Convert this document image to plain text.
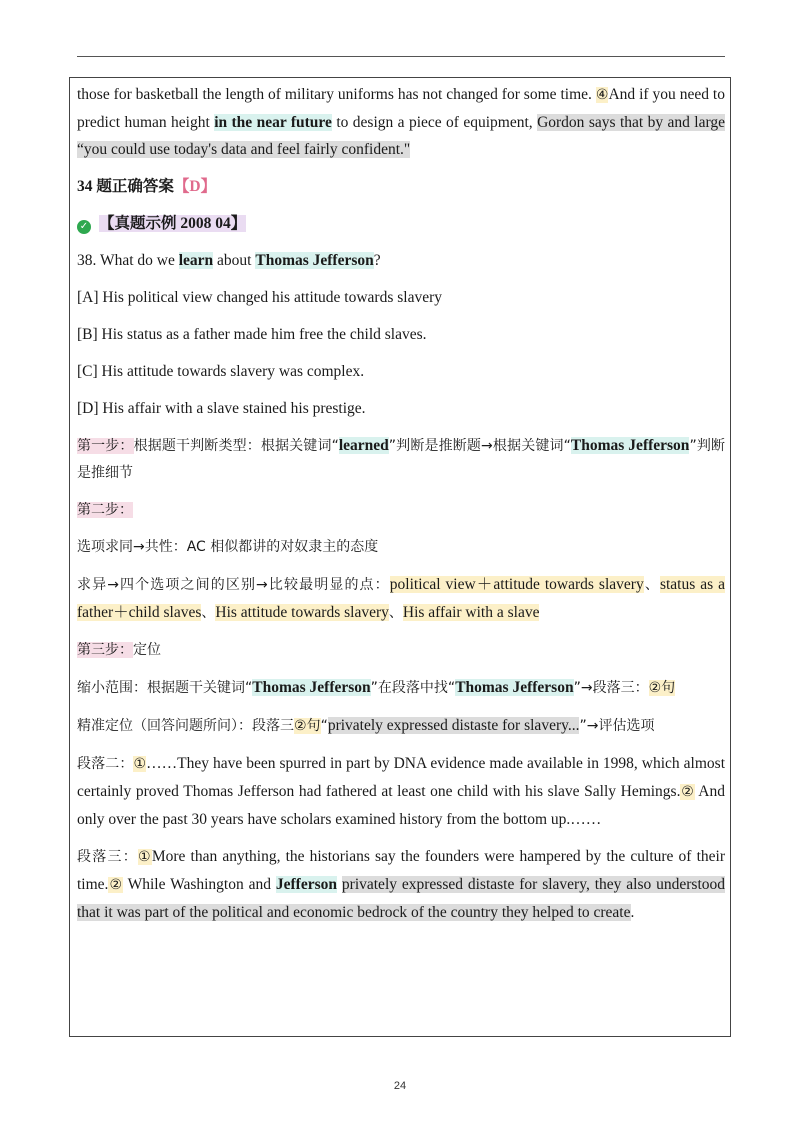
those for basketball the length of military uniforms has not changed for some time. ④And if you need to predict human height in the near future to design a piece of equipment, Gordon says that by and large “you could use today's data and feel fairly confident."

34 题正确答案【D】

✓ 【真题示例 2008 04】

38. What do we learn about Thomas Jefferson?

[A] His political view changed his attitude towards slavery

[B] His status as a father made him free the child slaves.

[C] His attitude towards slavery was complex.

[D] His affair with a slave stained his prestige.

第一步：根据题干判断类型：根据关键词“learned”判断是推断题→根据关键词“Thomas Jefferson”判断是推细节

第二步：

选项求同→共性：AC 相似都讲的对奴隶主的态度

求异→四个选项之间的区别→比较最明显的点：political view＋attitude towards slavery、status as a father＋child slaves、His attitude towards slavery、His affair with a slave

第三步：定位

缩小范围：根据题干关键词“Thomas Jefferson”在段落中找“Thomas Jefferson”→段落三：②句

精准定位（回答问题所问）：段落三②句“privately expressed distaste for slavery...”→评估选项

段落二：①……They have been spurred in part by DNA evidence made available in 1998, which almost certainly proved Thomas Jefferson had fathered at least one child with his slave Sally Hemings.② And only over the past 30 years have scholars examined history from the bottom up.……

段落三：①More than anything, the historians say the founders were hampered by the culture of their time.② While Washington and Jefferson privately expressed distaste for slavery, they also understood that it was part of the political and economic bedrock of the country they helped to create.

24
